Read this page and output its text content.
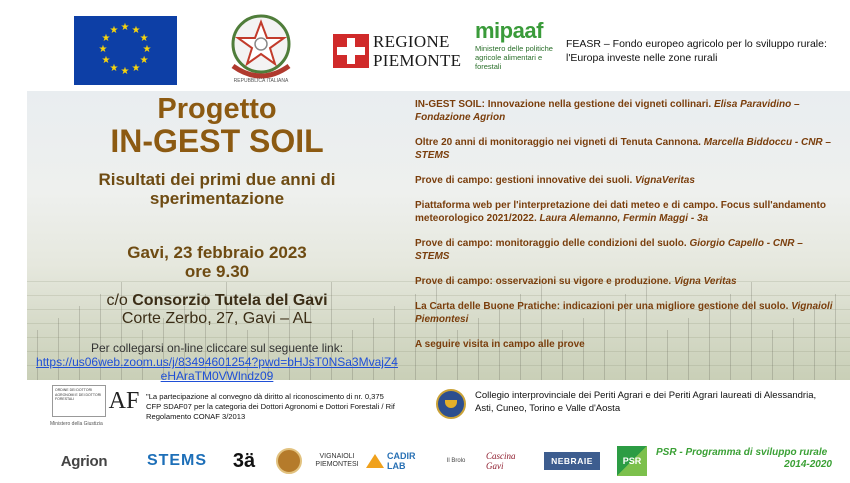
★ ★
★
★
★
★
★
★
★
★
★
★
REPUBBLICA ITALIANA
REGIONE PIEMONTE
mipaaf
Ministero delle politiche agricole alimentari e forestali
FEASR – Fondo europeo agricolo per lo sviluppo rurale:
l'Europa investe nelle zone rurali
Progetto
IN-GEST SOIL
Risultati dei primi due anni di
sperimentazione
Gavi, 23 febbraio 2023
ore 9.30
c/o Consorzio Tutela del Gavi
Corte Zerbo, 27, Gavi – AL
Per collegarsi on-line cliccare sul seguente link:
https://us06web.zoom.us/j/83494601254?pwd=bHJsT0NSa3MvajZ4eHAraTM0VWlndz09
IN-GEST SOIL: Innovazione nella gestione dei vigneti collinari. Elisa Paravidino – Fondazione Agrion
Oltre 20 anni di monitoraggio nei vigneti di Tenuta Cannona. Marcella Biddoccu - CNR – STEMS
Prove di campo: gestioni innovative dei suoli. VignaVeritas
Piattaforma web per l'interpretazione dei dati meteo e di campo. Focus sull'andamento meteorologico 2021/2022. Laura Alemanno, Fermin Maggi - 3a
Prove di campo: monitoraggio delle condizioni del suolo. Giorgio Capello - CNR – STEMS
Prove di campo: osservazioni su vigore e produzione. Vigna Veritas
La Carta delle Buone Pratiche: indicazioni per una migliore gestione del suolo. Vignaioli Piemontesi
A seguire visita in campo alle prove
ORDINE DEI DOTTORI AGRONOMI E DEI DOTTORI FORESTALI
Ministero della Giustizia
AF "La partecipazione al convegno dà diritto al riconoscimento di nr. 0,375
CFP SDAF07 per la categoria dei Dottori Agronomi e Dottori Forestali / Rif
Regolamento CONAF 3/2013
Collegio interprovinciale dei Periti Agrari e dei Periti Agrari laureati di Alessandria,
Asti, Cuneo, Torino e Valle d'Aosta
Agrion STEMS 3ä	VIGNAIOLI PIEMONTESI
CADIR LAB
Il Brolo Cascina Gavi	NEBRAIE	PSR
PSR - Programma di sviluppo rurale
2014-2020
